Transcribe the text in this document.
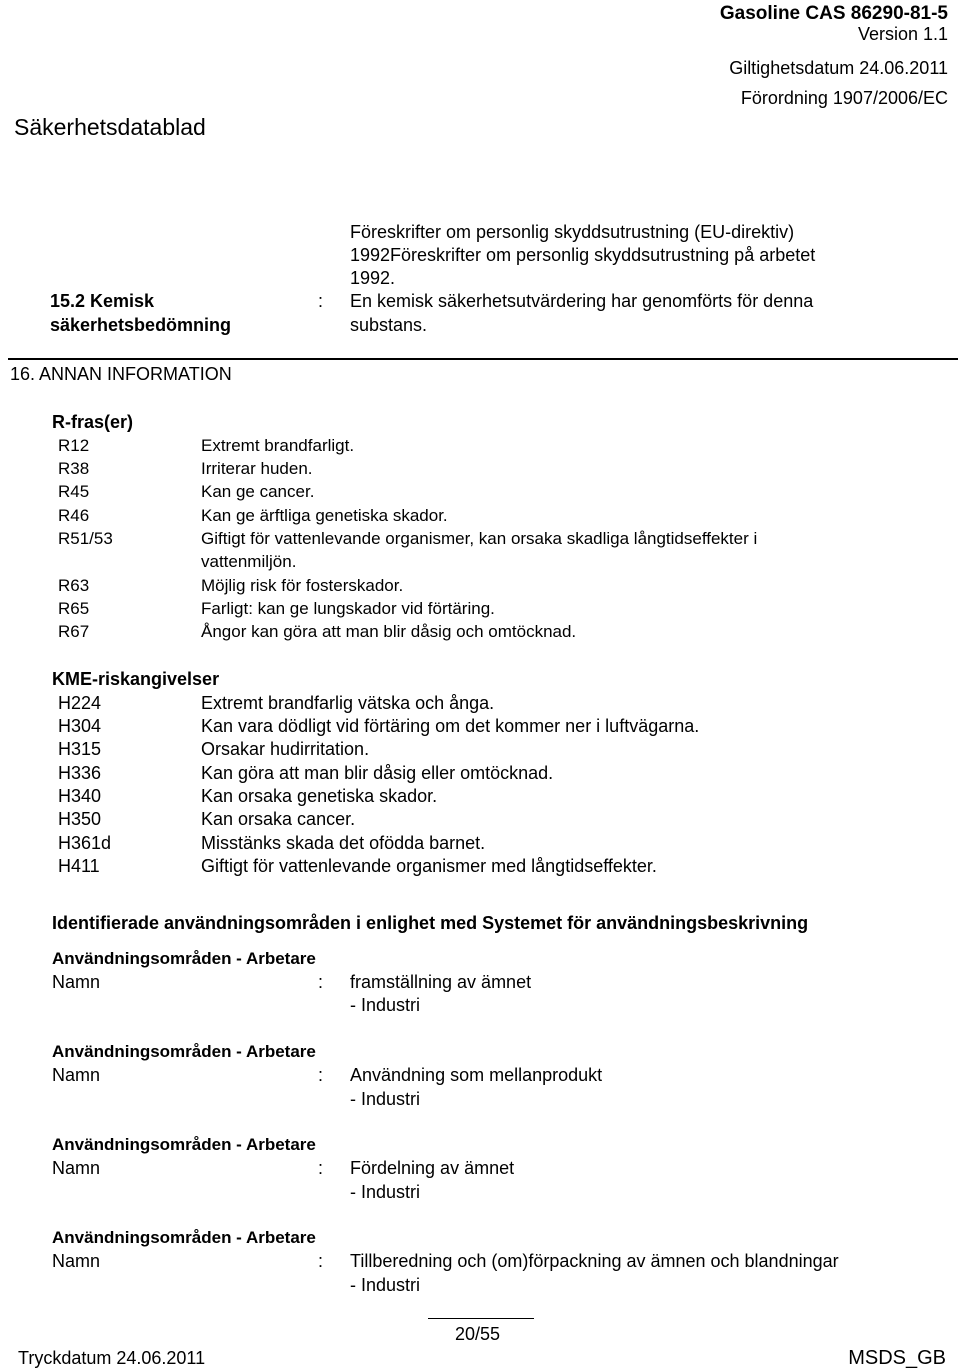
Gasoline CAS 86290-81-5
Version 1.1
Giltighetsdatum 24.06.2011
Förordning 1907/2006/EC
Säkerhetsdatablad
Föreskrifter om personlig skyddsutrustning (EU-direktiv)
1992Föreskrifter om personlig skyddsutrustning på arbetet
1992.
15.2 Kemisk
säkerhetsbedömning
: En kemisk säkerhetsutvärdering har genomförts för denna
substans.
16. ANNAN INFORMATION
R-fras(er)
R12	Extremt brandfarligt.
R38	Irriterar huden.
R45	Kan ge cancer.
R46	Kan ge ärftliga genetiska skador.
R51/53	Giftigt för vattenlevande organismer, kan orsaka skadliga långtidseffekter i
vattenmiljön.
R63	Möjlig risk för fosterskador.
R65	Farligt: kan ge lungskador vid förtäring.
R67	Ångor kan göra att man blir dåsig och omtöcknad.
KME-riskangivelser
H224	Extremt brandfarlig vätska och ånga.
H304	Kan vara dödligt vid förtäring om det kommer ner i luftvägarna.
H315	Orsakar hudirritation.
H336	Kan göra att man blir dåsig eller omtöcknad.
H340	Kan orsaka genetiska skador.
H350	Kan orsaka cancer.
H361d	Misstänks skada det ofödda barnet.
H411	Giftigt för vattenlevande organismer med långtidseffekter.
Identifierade användningsområden i enlighet med Systemet för användningsbeskrivning
Användningsområden - Arbetare
Namn	: framställning av ämnet
- Industri
Användningsområden - Arbetare
Namn	: Användning som mellanprodukt
- Industri
Användningsområden - Arbetare
Namn	: Fördelning av ämnet
- Industri
Användningsområden - Arbetare
Namn	: Tillberedning och (om)förpackning av ämnen och blandningar
- Industri
20/55
Tryckdatum 24.06.2011	MSDS_GB
